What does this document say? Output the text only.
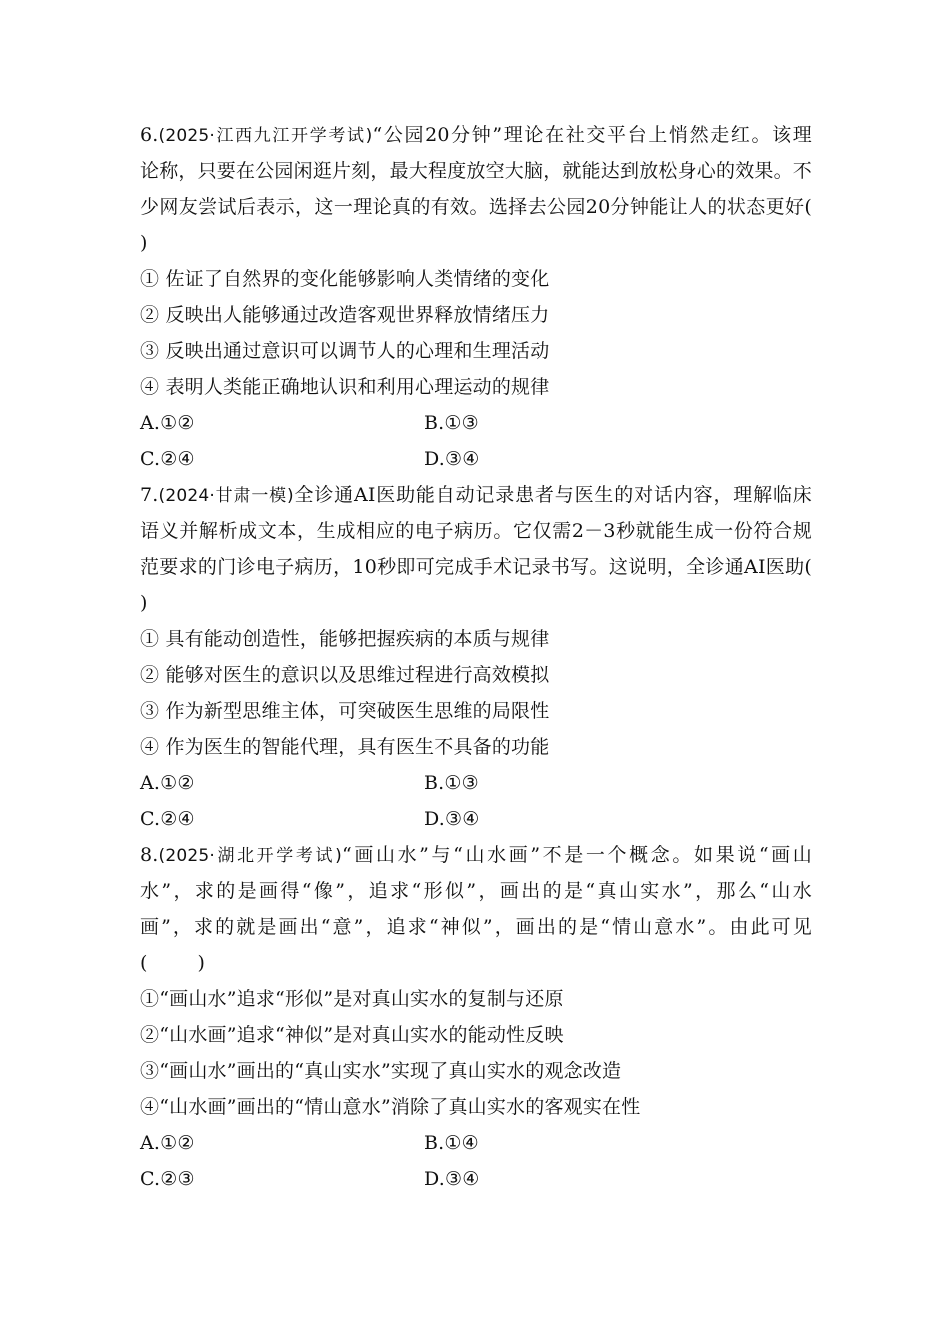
6.(2025·江西九江开学考试)“公园20分钟”理论在社交平台上悄然走红。该理
论称，只要在公园闲逛片刻，最大程度放空大脑，就能达到放松身心的效果。不
少网友尝试后表示，这一理论真的有效。选择去公园20分钟能让人的状态更好(
)
① 佐证了自然界的变化能够影响人类情绪的变化
② 反映出人能够通过改造客观世界释放情绪压力
③ 反映出通过意识可以调节人的心理和生理活动
④ 表明人类能正确地认识和利用心理运动的规律
A.①②	B.①③
C.②④	D.③④
7.(2024·甘肃一模)全诊通AI医助能自动记录患者与医生的对话内容，理解临床
语义并解析成文本，生成相应的电子病历。它仅需2－3秒就能生成一份符合规
范要求的门诊电子病历，10秒即可完成手术记录书写。这说明，全诊通AI医助(
)
① 具有能动创造性，能够把握疾病的本质与规律
② 能够对医生的意识以及思维过程进行高效模拟
③ 作为新型思维主体，可突破医生思维的局限性
④ 作为医生的智能代理，具有医生不具备的功能
A.①②	B.①③
C.②④	D.③④
8.(2025·湖北开学考试)“画山水”与“山水画”不是一个概念。如果说“画山
水”，求的是画得“像”，追求“形似”，画出的是“真山实水”，那么“山水
画”，求的就是画出“意”，追求“神似”，画出的是“情山意水”。由此可见
(        )
①“画山水”追求“形似”是对真山实水的复制与还原
②“山水画”追求“神似”是对真山实水的能动性反映
③“画山水”画出的“真山实水”实现了真山实水的观念改造
④“山水画”画出的“情山意水”消除了真山实水的客观实在性
A.①②	B.①④
C.②③	D.③④
